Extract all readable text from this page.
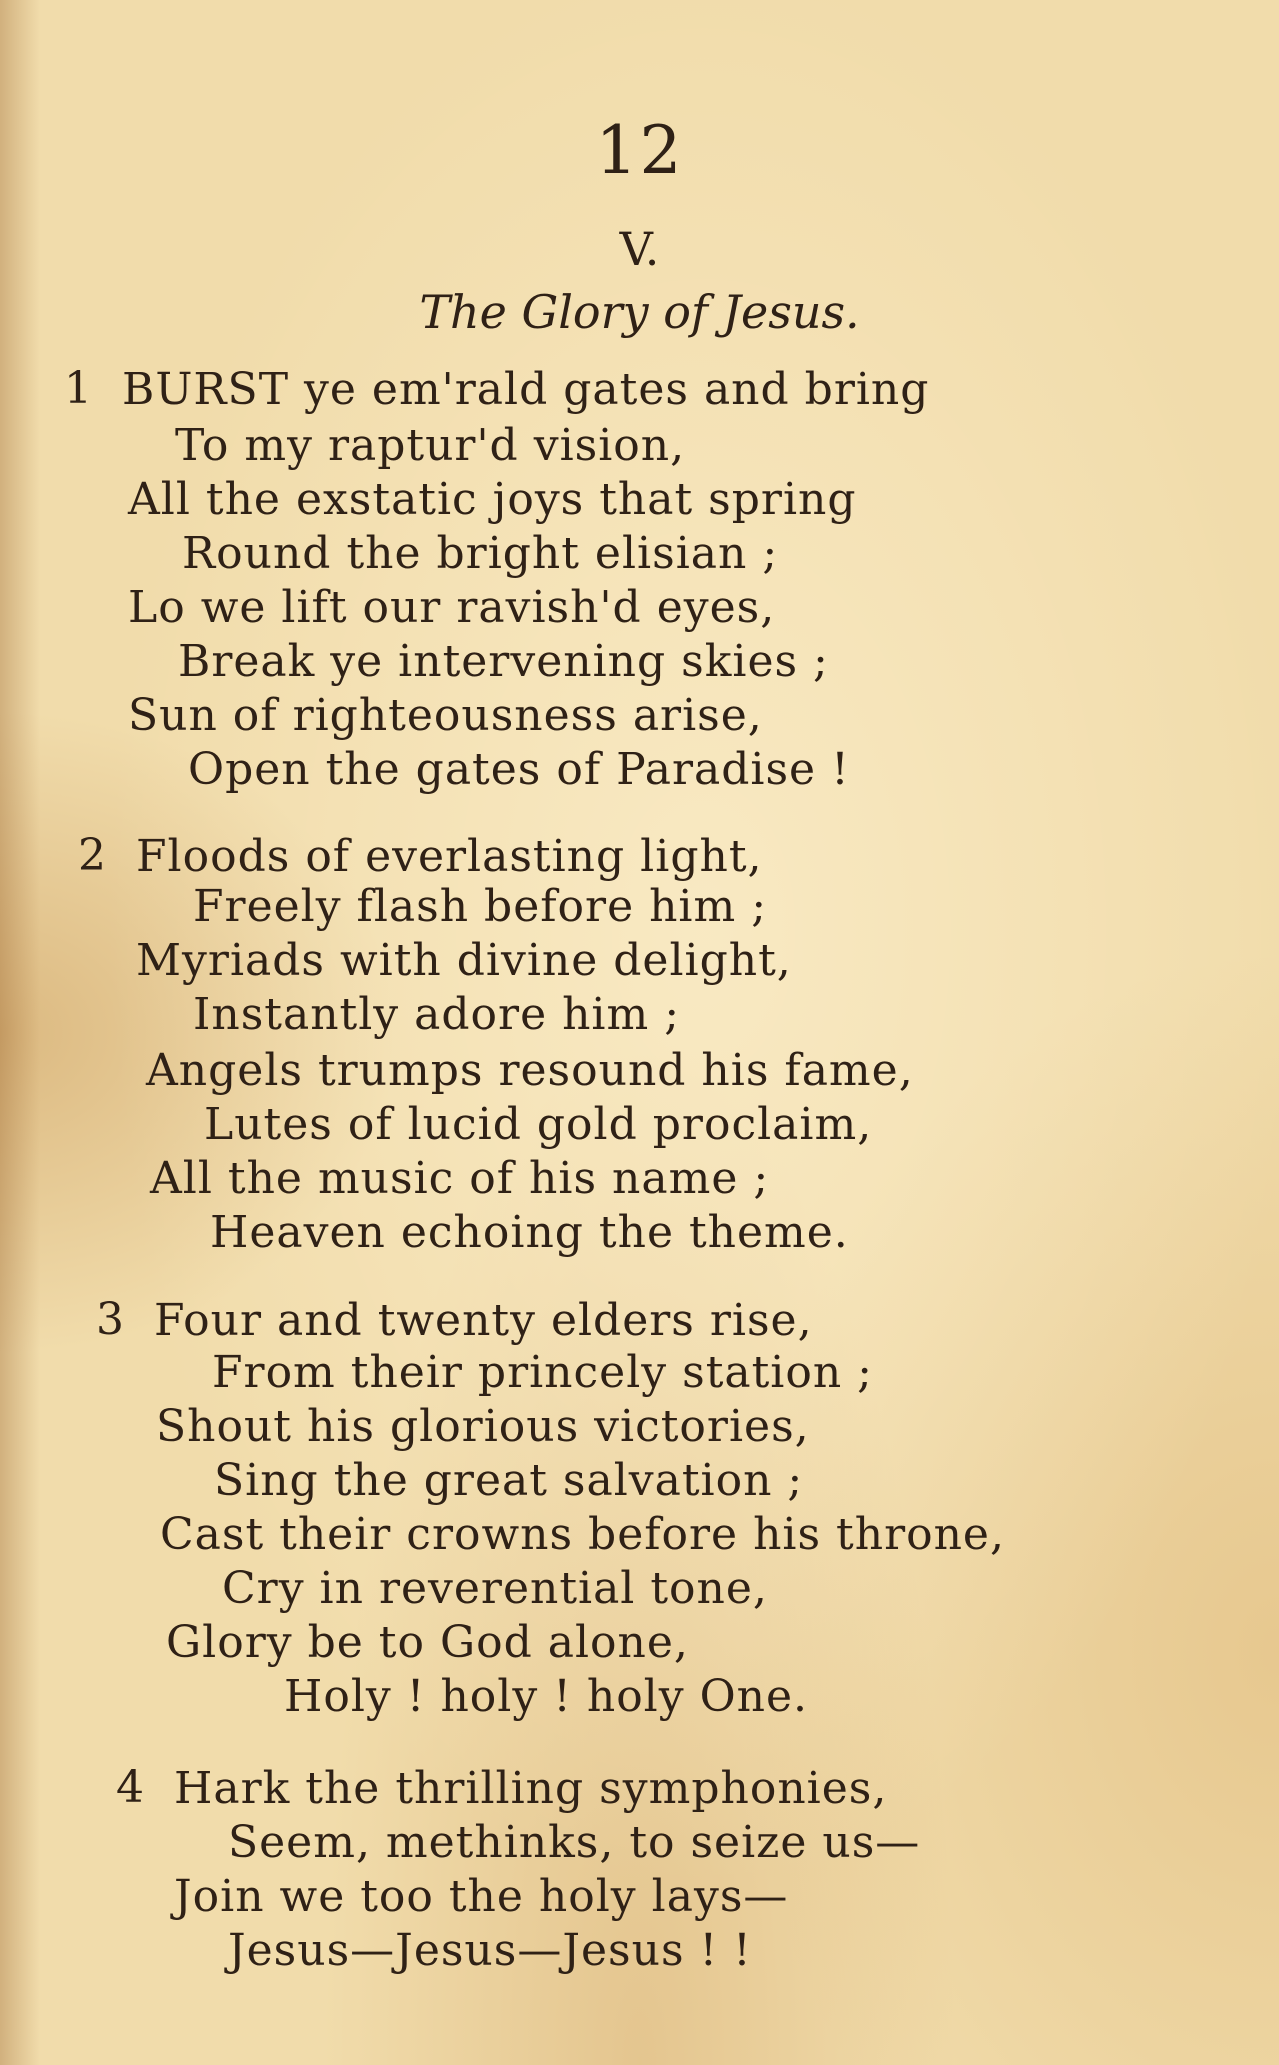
12
V.
The Glory of Jesus.
1 BURST ye em'rald gates and bring
To my raptur'd vision,
All the exstatic joys that spring
Round the bright elisian ;
Lo we lift our ravish'd eyes,
Break ye intervening skies ;
Sun of righteousness arise,
Open the gates of Paradise !
2 Floods of everlasting light,
Freely flash before him ;
Myriads with divine delight,
Instantly adore him ;
Angels trumps resound his fame,
Lutes of lucid gold proclaim,
All the music of his name ;
Heaven echoing the theme.
3 Four and twenty elders rise,
From their princely station ;
Shout his glorious victories,
Sing the great salvation ;
Cast their crowns before his throne,
Cry in reverential tone,
Glory be to God alone,
Holy ! holy ! holy One.
4 Hark the thrilling symphonies,
Seem, methinks, to seize us—
Join we too the holy lays—
Jesus—Jesus—Jesus ! !
